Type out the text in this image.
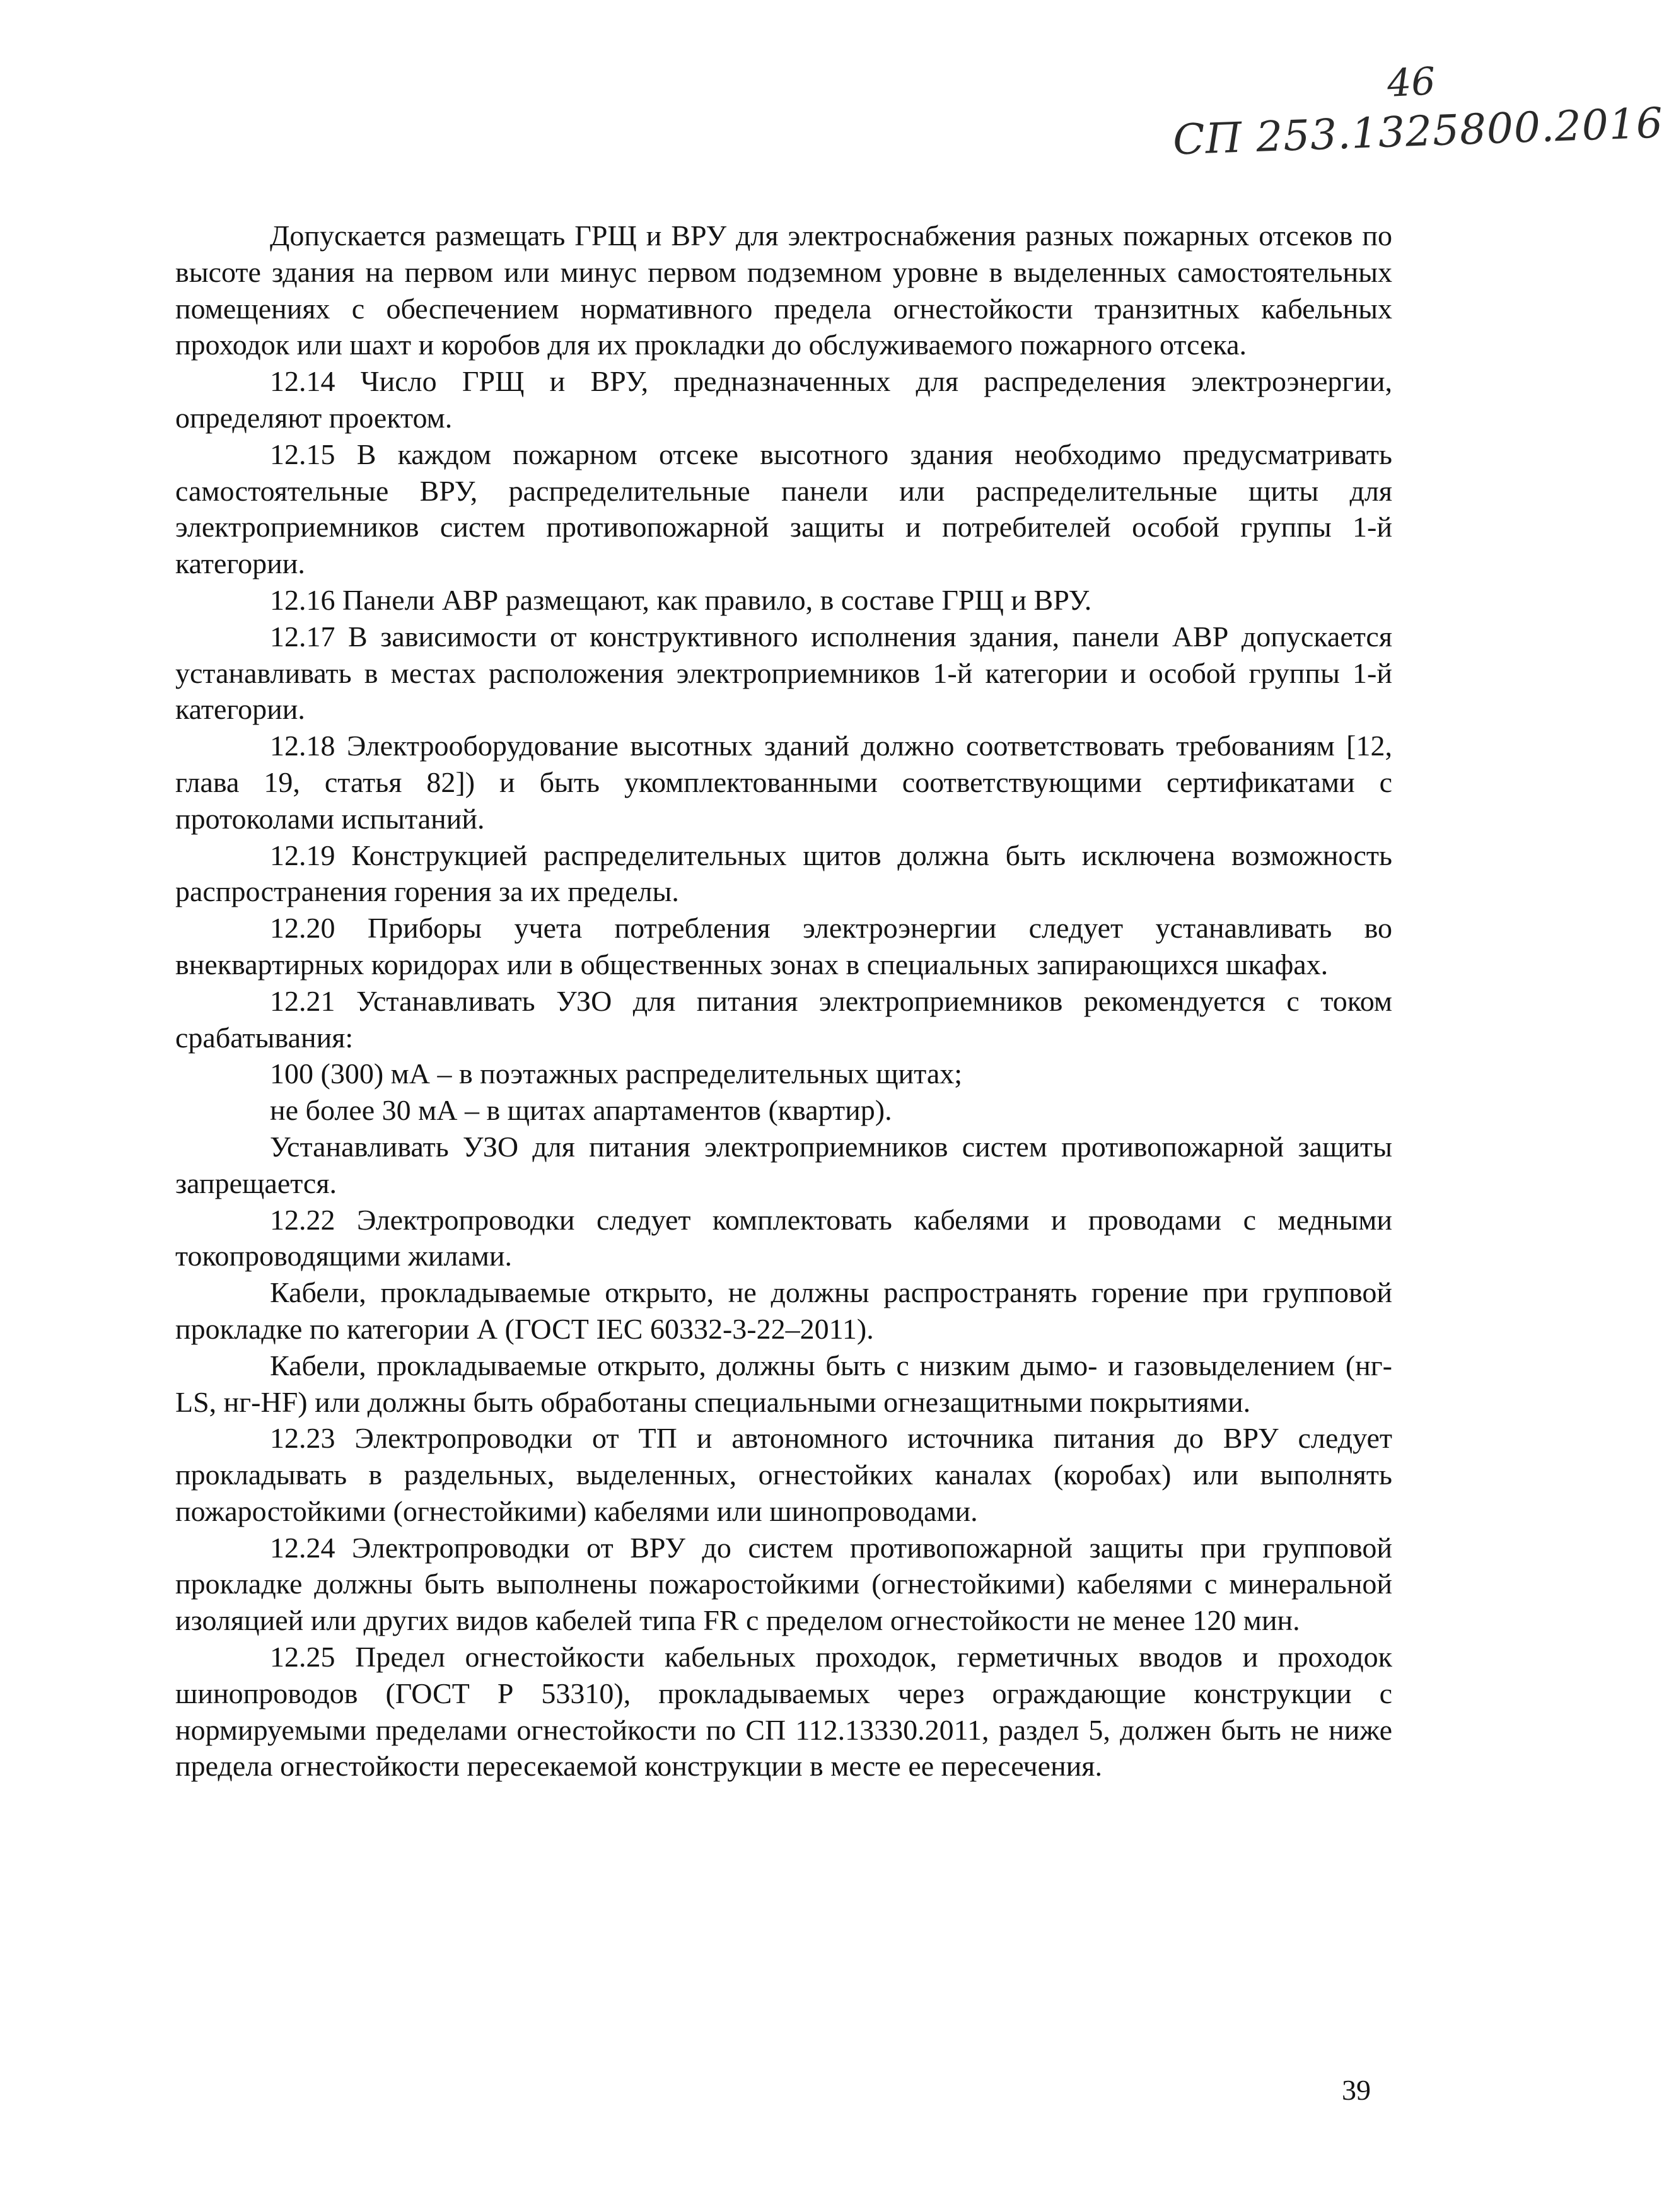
46
СП 253.1325800.2016

Допускается размещать ГРЩ и ВРУ для электроснабжения разных пожарных отсеков по высоте здания на первом или минус первом подземном уровне в выделенных самостоятельных помещениях с обеспечением нормативного предела огнестойкости транзитных кабельных проходок или шахт и коробов для их прокладки до обслуживаемого пожарного отсека.

12.14 Число ГРЩ и ВРУ, предназначенных для распределения электроэнергии, определяют проектом.

12.15 В каждом пожарном отсеке высотного здания необходимо предусматривать самостоятельные ВРУ, распределительные панели или распределительные щиты для электроприемников систем противопожарной защиты и потребителей особой группы 1-й категории.

12.16 Панели АВР размещают, как правило, в составе ГРЩ и ВРУ.

12.17 В зависимости от конструктивного исполнения здания, панели АВР допускается устанавливать в местах расположения электроприемников 1-й категории и особой группы 1-й категории.

12.18 Электрооборудование высотных зданий должно соответствовать требованиям [12, глава 19, статья 82]) и быть укомплектованными соответствующими сертификатами с протоколами испытаний.

12.19 Конструкцией распределительных щитов должна быть исключена возможность распространения горения за их пределы.

12.20 Приборы учета потребления электроэнергии следует устанавливать во внеквартирных коридорах или в общественных зонах в специальных запирающихся шкафах.

12.21 Устанавливать УЗО для питания электроприемников рекомендуется с током срабатывания:

100 (300) мА – в поэтажных распределительных щитах;

не более 30 мА – в щитах апартаментов (квартир).

Устанавливать УЗО для питания электроприемников систем противопожарной защиты запрещается.

12.22 Электропроводки следует комплектовать кабелями и проводами с медными токопроводящими жилами.

Кабели, прокладываемые открыто, не должны распространять горение при групповой прокладке по категории А (ГОСТ IEC 60332-3-22–2011).

Кабели, прокладываемые открыто, должны быть с низким дымо- и газовыделением (нг-LS, нг-HF) или должны быть обработаны специальными огнезащитными покрытиями.

12.23 Электропроводки от ТП и автономного источника питания до ВРУ следует прокладывать в раздельных, выделенных, огнестойких каналах (коробах) или выполнять пожаростойкими (огнестойкими) кабелями или шинопроводами.

12.24 Электропроводки от ВРУ до систем противопожарной защиты при групповой прокладке должны быть выполнены пожаростойкими (огнестойкими) кабелями с минеральной изоляцией или других видов кабелей типа FR с пределом огнестойкости не менее 120 мин.

12.25 Предел огнестойкости кабельных проходок, герметичных вводов и проходок шинопроводов (ГОСТ Р 53310), прокладываемых через ограждающие конструкции с нормируемыми пределами огнестойкости по СП 112.13330.2011, раздел 5, должен быть не ниже предела огнестойкости пересекаемой конструкции в месте ее пересечения.

39
